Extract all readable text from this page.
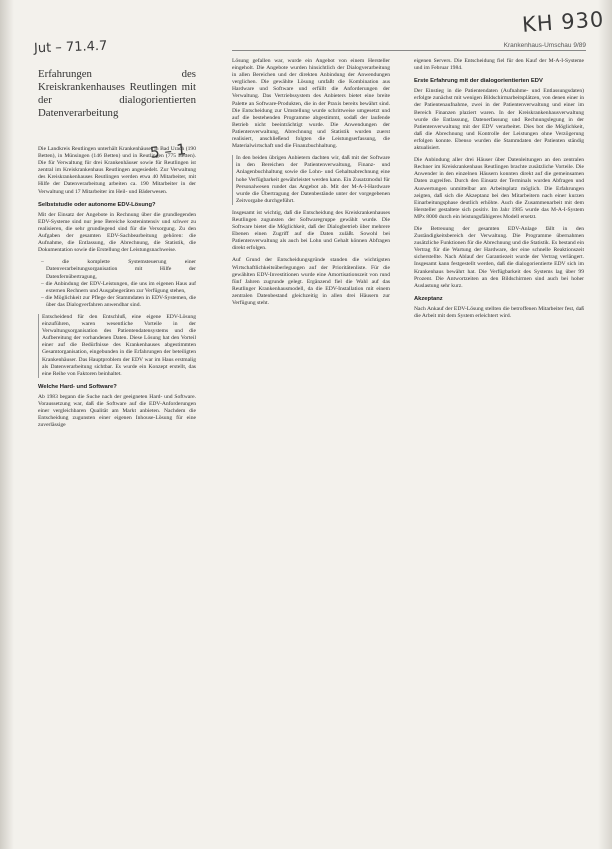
Jut – 71.4.7
KH 930
5 – 1
Krankenhaus-Umschau 9/89
Erfahrungen des Kreiskrankenhauses Reutlingen mit der dialogorientierten Datenverarbeitung

Die Landkreis Reutlingen unterhält Krankenhäuser in Bad Urach (190 Betten), in Münsingen (146 Betten) und in Reutlingen (775 Betten). Die für Verwaltung für drei Krankenhäuser sowie für Reutlingen ist zentral im Kreiskrankenhaus Reutlingen angesiedelt. Zur Verwaltung des Kreiskrankenhauses Reutlingen werden etwa 40 Mitarbeiter, mit Hilfe der Datenverarbeitung arbeiten ca. 190 Mitarbeiter in der Verwaltung und 17 Mitarbeiter im Heil- und Bäderwesen.

Selbststudie oder autonome EDV-Lösung?

Mit der Einsatz der Angebote in Rechnung über die grundlegenden EDV-Systeme sind nur jene Bereiche kostenintensiv und schwer zu realisieren, die sehr grundlegend sind für die Versorgung. Zu den Aufgaben der gesamten EDV-Sachbearbeitung gehören: die Aufnahme, die Entlassung, die Abrechnung, die Statistik, die Dokumentation sowie die Erstellung der Leistungsnachweise.

– die komplette Systemsteuerung einer Datenverarbeitungsorganisation mit Hilfe der Datenfernübertragung,
– die Anbindung der EDV-Leistungen, die uns im eigenen Haus auf externen Rechnern und Ausgabegeräten zur Verfügung stehen,
– die Möglichkeit zur Pflege der Stammdaten in EDV-Systemen, die über das Dialogverfahren anwendbar sind.

Entscheidend für den Entschluß, eine eigene EDV-Lösung einzuführen, waren wesentliche Vorteile in der Verwaltungsorganisation des Patientendatensystems und die Aufbereitung der vorhandenen Daten. Diese Lösung hat den Vorteil einer auf die Bedürfnisse des Krankenhauses abgestimmten Gesamtorganisation, eingebunden in die Erfahrungen der beteiligten Krankenhäuser. Das Hauptproblem der EDV war im Haus erstmalig als Datenverarbeitung sichtbar. Es wurde ein Konzept erstellt, das eine Reihe von Faktoren beinhaltet.

Welche Hard- und Software?

Ab 1983 begann die Suche nach der geeigneten Hard- und Software. Voraussetzung war, daß die Software auf die EDV-Anforderungen einer vergleichbaren Qualität am Markt anbieten. Nachdem die Entscheidung zugunsten einer eigenen Inhouse-Lösung für eine zuverlässige

Lösung gefallen war, wurde ein Angebot von einem Hersteller eingeholt. Die Angebote wurden hinsichtlich der Dialogverarbeitung in allen Bereichen und der direkten Anbindung der Anwendungen verglichen. Die gewählte Lösung umfaßt die Kombination aus Hardware und Software und erfüllt die Anforderungen der Verwaltung. Das Vertriebssystem des Anbieters bietet eine breite Palette an Software-Produkten, die in der Praxis bereits bewährt sind. Die Entscheidung zur Umstellung wurde schrittweise umgesetzt und auf die bestehenden Programme abgestimmt, sodaß der laufende Betrieb nicht beeinträchtigt wurde. Die Anwendungen der Patientenverwaltung, Abrechnung und Statistik wurden zuerst realisiert, anschließend folgten die Leistungserfassung, die Materialwirtschaft und die Finanzbuchhaltung.

In den beiden übrigen Anbietern dachten wir, daß mit der Software in den Bereichen der Patientenverwaltung, Finanz- und Anlagenbuchhaltung sowie die Lohn- und Gehaltsabrechnung eine hohe Verfügbarkeit gewährleistet werden kann. Ein Zusatzmodul für Personalwesen rundet das Angebot ab. Mit der M-A-I-Hardware wurde die Übertragung der Datenbestände unter der vorgegebenen Zeitvorgabe durchgeführt.

Insgesamt ist wichtig, daß die Entscheidung des Kreiskrankenhauses Reutlingen zugunsten der Softwaregruppe gewählt wurde. Die Software bietet die Möglichkeit, daß der Dialogbetrieb über mehrere Ebenen einen Zugriff auf die Daten zuläßt. Sowohl bei Patientenverwaltung als auch bei Lohn und Gehalt können Abfragen direkt erfolgen.

Auf Grund der Entscheidungsgründe standen die wichtigsten Wirtschaftlichkeitsüberlegungen auf der Prioritätenliste. Für die gewählten EDV-Investitionen wurde eine Amortisationszeit von rund fünf Jahren zugrunde gelegt. Ergänzend fiel die Wahl auf das Reutlinger Krankenhausmodell, da die EDV-Installation mit einem zentralen Datenbestand gleichzeitig in allen drei Häusern zur Verfügung steht.

eigenen Servers. Die Entscheidung fiel für den Kauf der M-A-I-Systeme und im Februar 1984.

Erste Erfahrung mit der dialogorientierten EDV

Der Einstieg in die Patientendaten (Aufnahme- und Entlassungsdaten) erfolgte zunächst mit wenigen Bildschirmarbeitsplätzen, von denen einer in der Patientenaufnahme, zwei in der Patientenverwaltung und einer im Bereich Finanzen plaziert waren. In der Kreiskrankenhausverwaltung wurde die Entlassung, Datenerfassung und Rechnungslegung in der Patientenverwaltung mit der EDV verarbeitet. Dies bot die Möglichkeit, daß die Abrechnung und Kontrolle der Leistungen ohne Verzögerung erfolgen konnte. Ebenso wurden die Stammdaten der Patienten ständig aktualisiert.

Die Anbindung aller drei Häuser über Datenleitungen an den zentralen Rechner im Kreiskrankenhaus Reutlingen brachte zusätzliche Vorteile. Die Anwender in den einzelnen Häusern konnten direkt auf die gemeinsamen Daten zugreifen. Durch den Einsatz der Terminals wurden Abfragen und Auswertungen unmittelbar am Arbeitsplatz möglich. Die Erfahrungen zeigten, daß sich die Akzeptanz bei den Mitarbeitern nach einer kurzen Einarbeitungsphase deutlich erhöhte. Auch die Zusammenarbeit mit dem Hersteller gestaltete sich positiv. Im Jahr 1985 wurde das M-A-I-System MPx 8000 durch ein leistungsfähigeres Modell ersetzt.

Die Betreuung der gesamten EDV-Anlage fällt in den Zuständigkeitsbereich der Verwaltung. Die Programme übernahmen zusätzliche Funktionen für die Abrechnung und die Statistik. Es bestand ein Vertrag für die Wartung der Hardware, der eine schnelle Reaktionszeit sicherstellte. Nach Ablauf der Garantiezeit wurde der Vertrag verlängert. Insgesamt kann festgestellt werden, daß die dialogorientierte EDV sich im Krankenhaus bewährt hat. Die Verfügbarkeit des Systems lag über 99 Prozent. Die Antwortzeiten an den Bildschirmen sind auch bei hoher Auslastung sehr kurz.

Akzeptanz

Nach Ankauf der EDV-Lösung stellten die betroffenen Mitarbeiter fest, daß die Arbeit mit dem System erleichtert wird.
